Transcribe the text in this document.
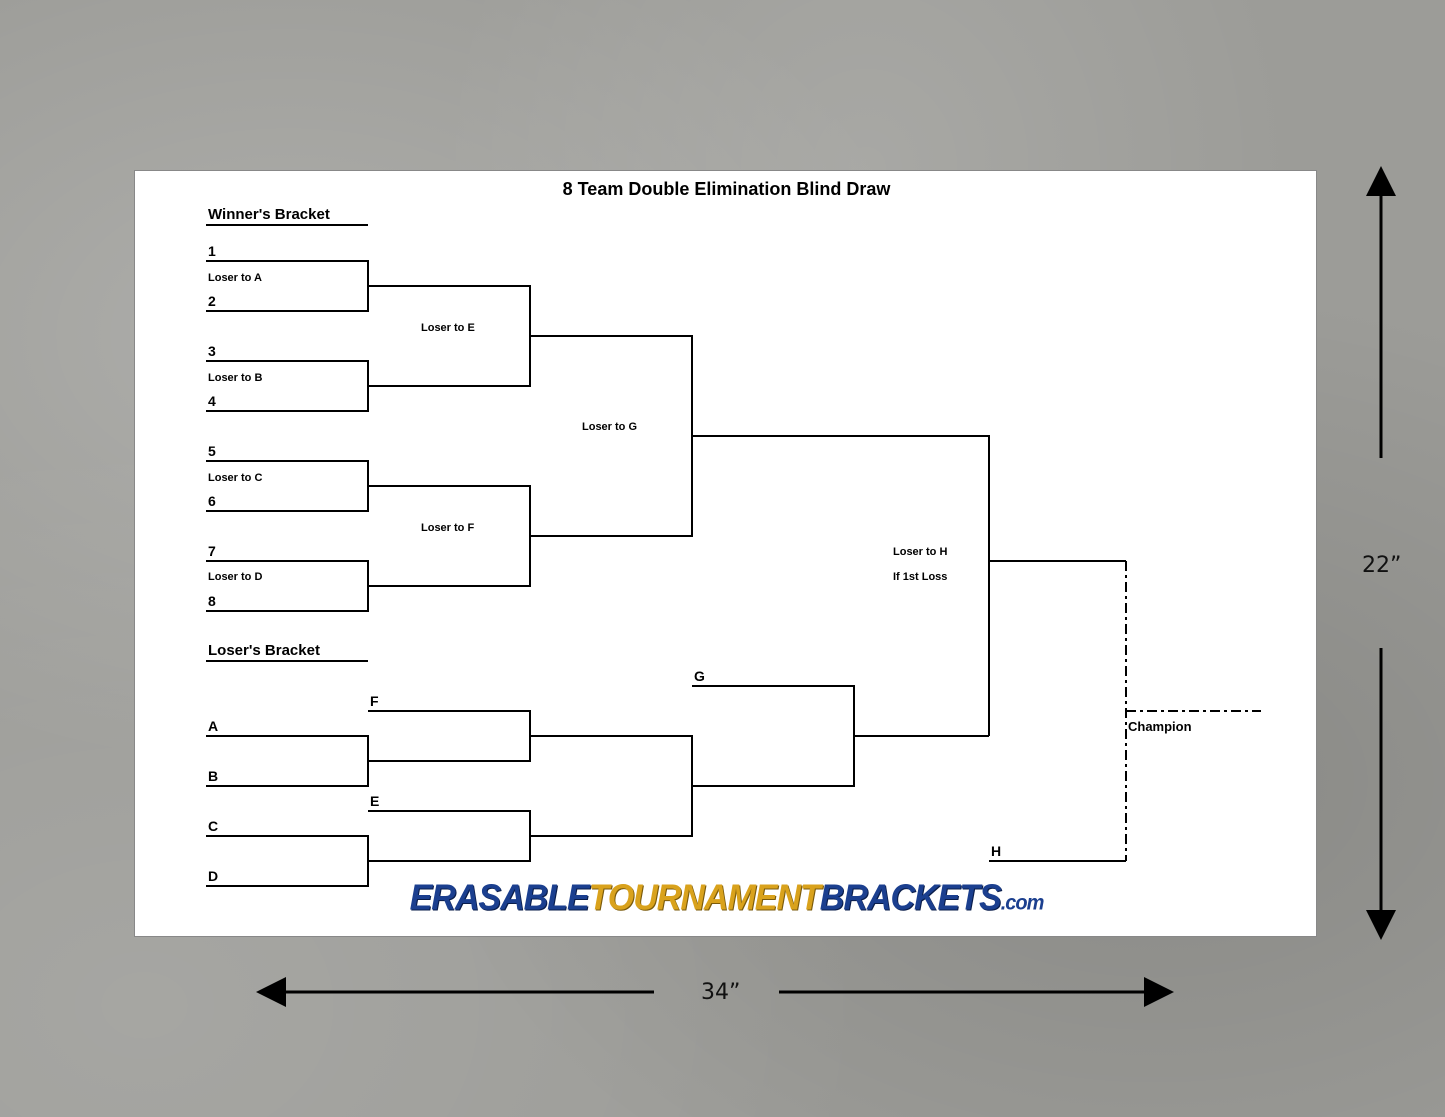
22”
34”
8 Team Double Elimination Blind Draw
Winner's Bracket
Loser's Bracket
1
2
3
4
5
6
7
8
Loser to A
Loser to B
Loser to C
Loser to D
Loser to E
Loser to F
Loser to G
Loser to H
If 1st Loss
A
B
C
D
F
E
G
H
Champion
ERASABLETOURNAMENTBRACKETS.com
